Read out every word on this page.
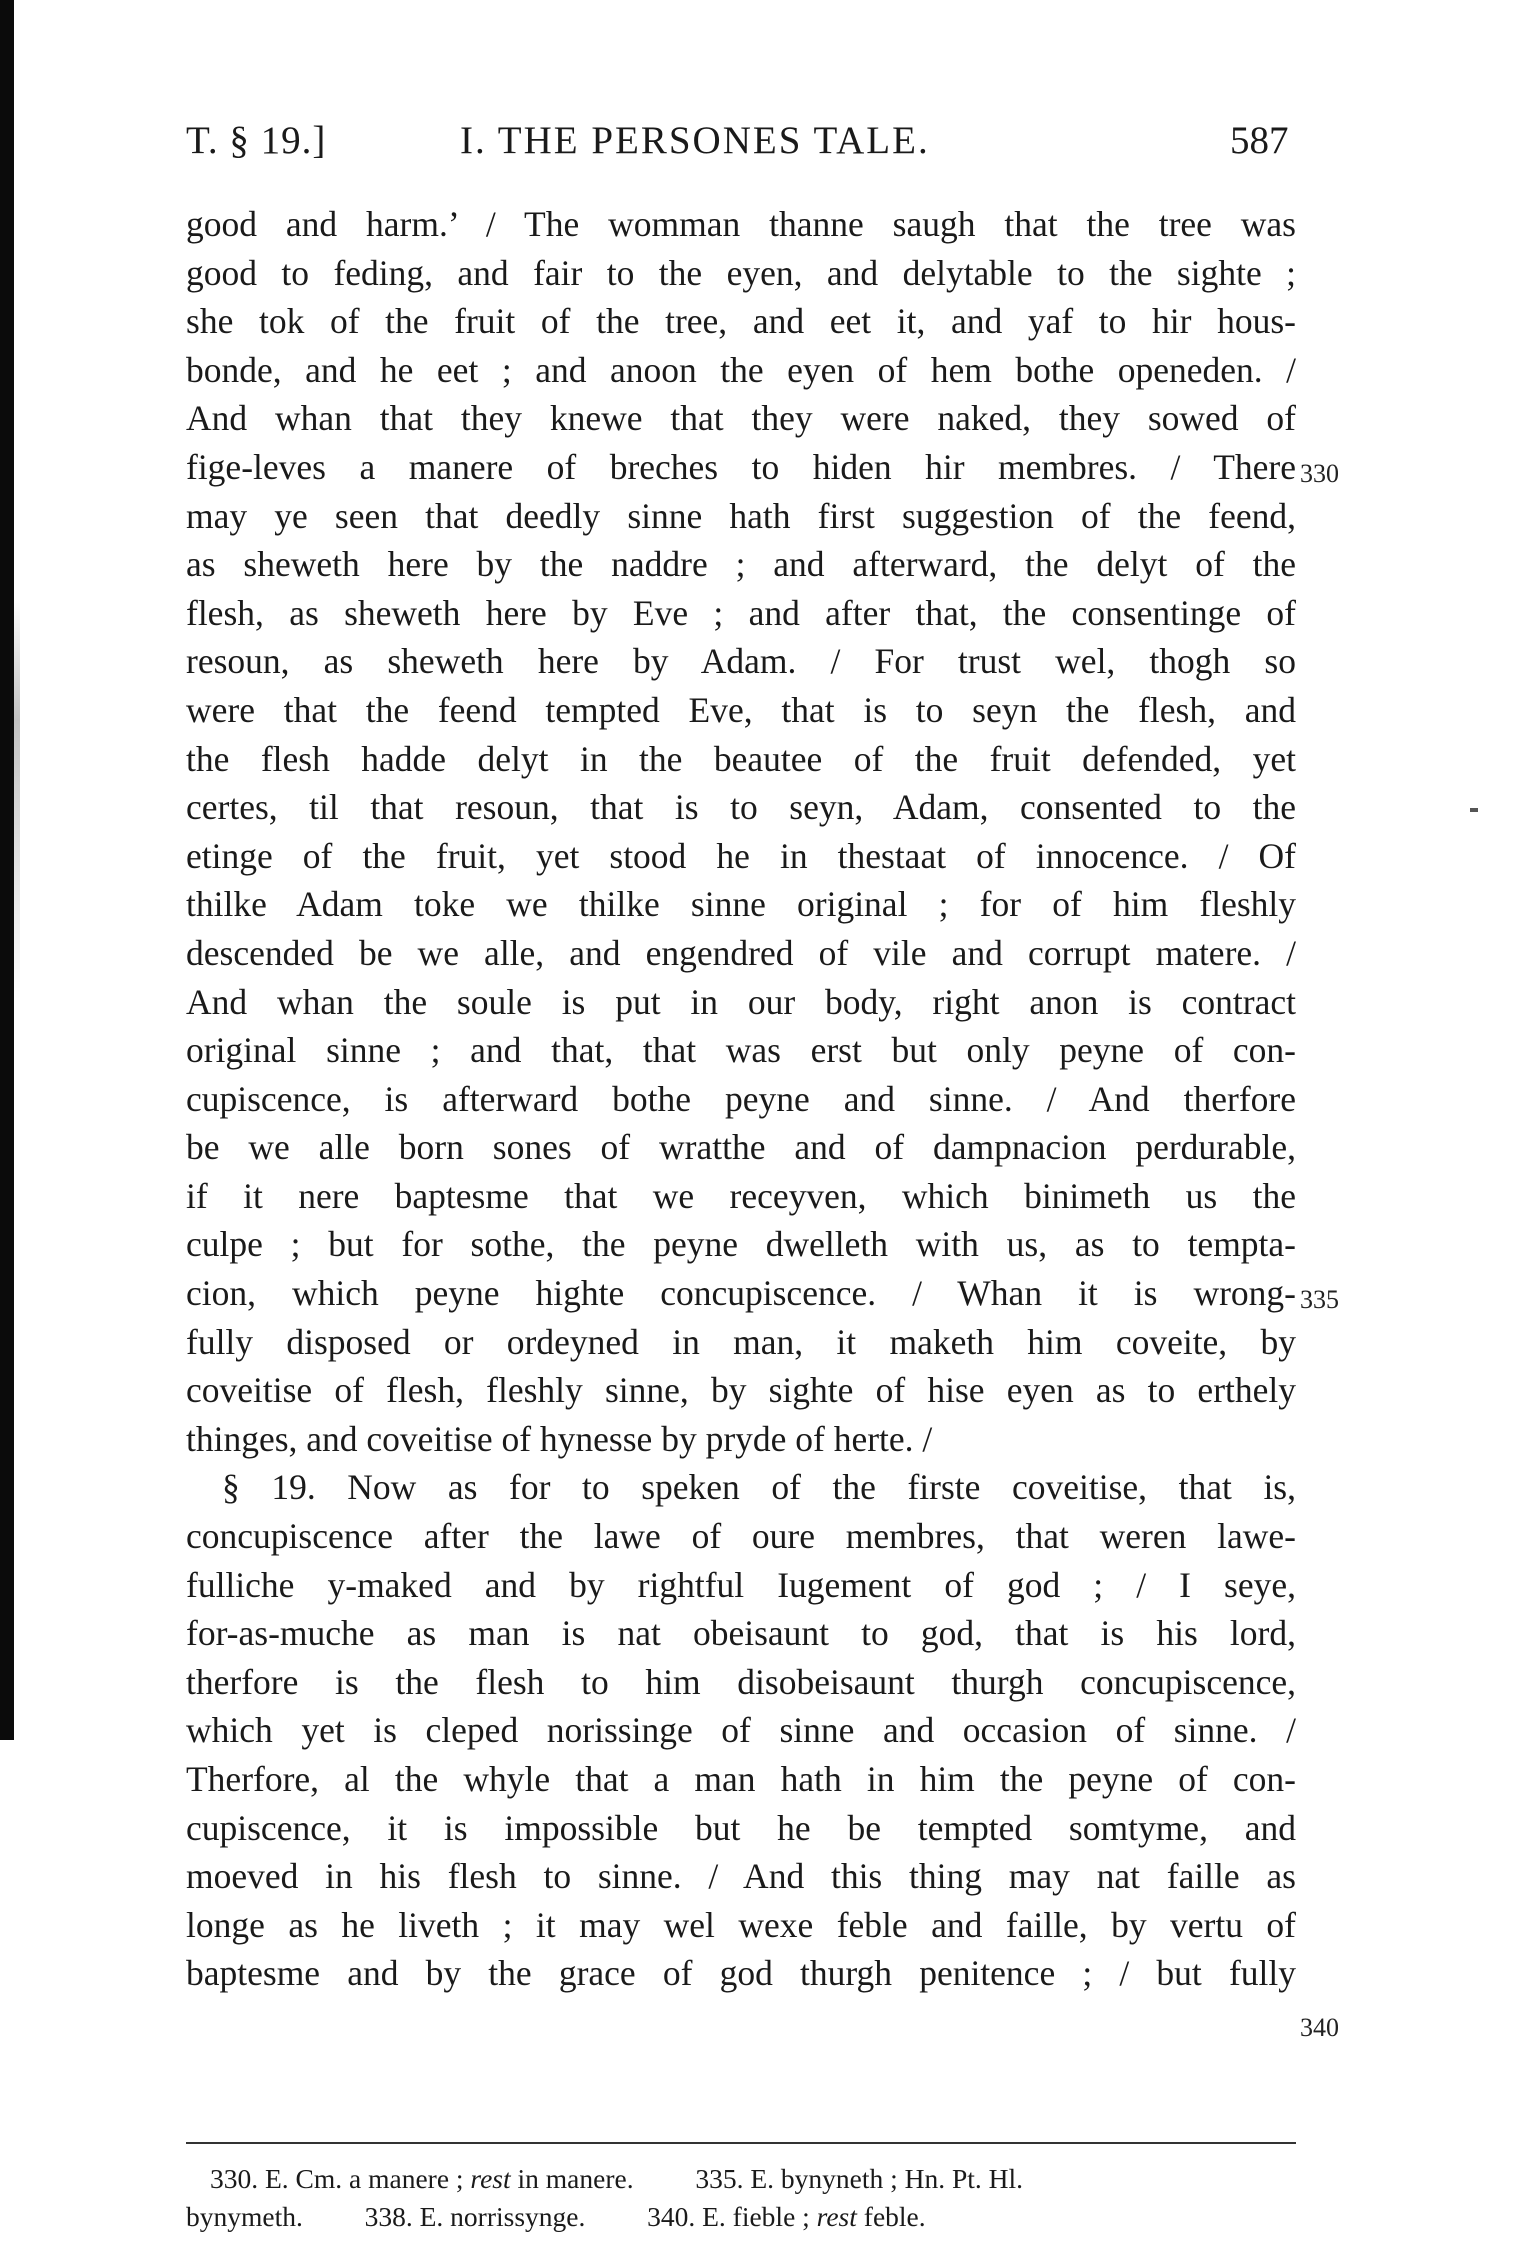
T. § 19.]	I. THE PERSONES TALE.	587
good and harm.’ / The womman thanne saugh that the tree was
good to feding, and fair to the eyen, and delytable to the sighte ;
she tok of the fruit of the tree, and eet it, and yaf to hir hous-
bonde, and he eet ; and anoon the eyen of hem bothe openeden. /
And whan that they knewe that they were naked, they sowed of
fige-leves a manere of breches to hiden hir membres. / There
may ye seen that deedly sinne hath first suggestion of the feend,
as sheweth here by the naddre ; and afterward, the delyt of the
flesh, as sheweth here by Eve ; and after that, the consentinge of
resoun, as sheweth here by Adam. / For trust wel, thogh so
were that the feend tempted Eve, that is to seyn the flesh, and
the flesh hadde delyt in the beautee of the fruit defended, yet
certes, til that resoun, that is to seyn, Adam, consented to the
etinge of the fruit, yet stood he in thestaat of innocence. / Of
thilke Adam toke we thilke sinne original ; for of him fleshly
descended be we alle, and engendred of vile and corrupt matere. /
And whan the soule is put in our body, right anon is contract
original sinne ; and that, that was erst but only peyne of con-
cupiscence, is afterward bothe peyne and sinne. / And therfore
be we alle born sones of wratthe and of dampnacion perdurable,
if it nere baptesme that we receyven, which binimeth us the
culpe ; but for sothe, the peyne dwelleth with us, as to tempta-
cion, which peyne highte concupiscence. / Whan it is wrong-
fully disposed or ordeyned in man, it maketh him coveite, by
coveitise of flesh, fleshly sinne, by sighte of hise eyen as to erthely
thinges, and coveitise of hynesse by pryde of herte. /
§ 19. Now as for to speken of the firste coveitise, that is,
concupiscence after the lawe of oure membres, that weren lawe-
fulliche y-maked and by rightful Iugement of god ; / I seye,
for-as-muche as man is nat obeisaunt to god, that is his lord,
therfore is the flesh to him disobeisaunt thurgh concupiscence,
which yet is cleped norissinge of sinne and occasion of sinne. /
Therfore, al the whyle that a man hath in him the peyne of con-
cupiscence, it is impossible but he be tempted somtyme, and
moeved in his flesh to sinne. / And this thing may nat faille as
longe as he liveth ; it may wel wexe feble and faille, by vertu of
baptesme and by the grace of god thurgh penitence ; / but fully
330
335
340
330. E. Cm. a manere ; rest in manere. 335. E. bynyneth ; Hn. Pt. Hl.
bynymeth. 338. E. norrissynge. 340. E. fieble ; rest feble.
